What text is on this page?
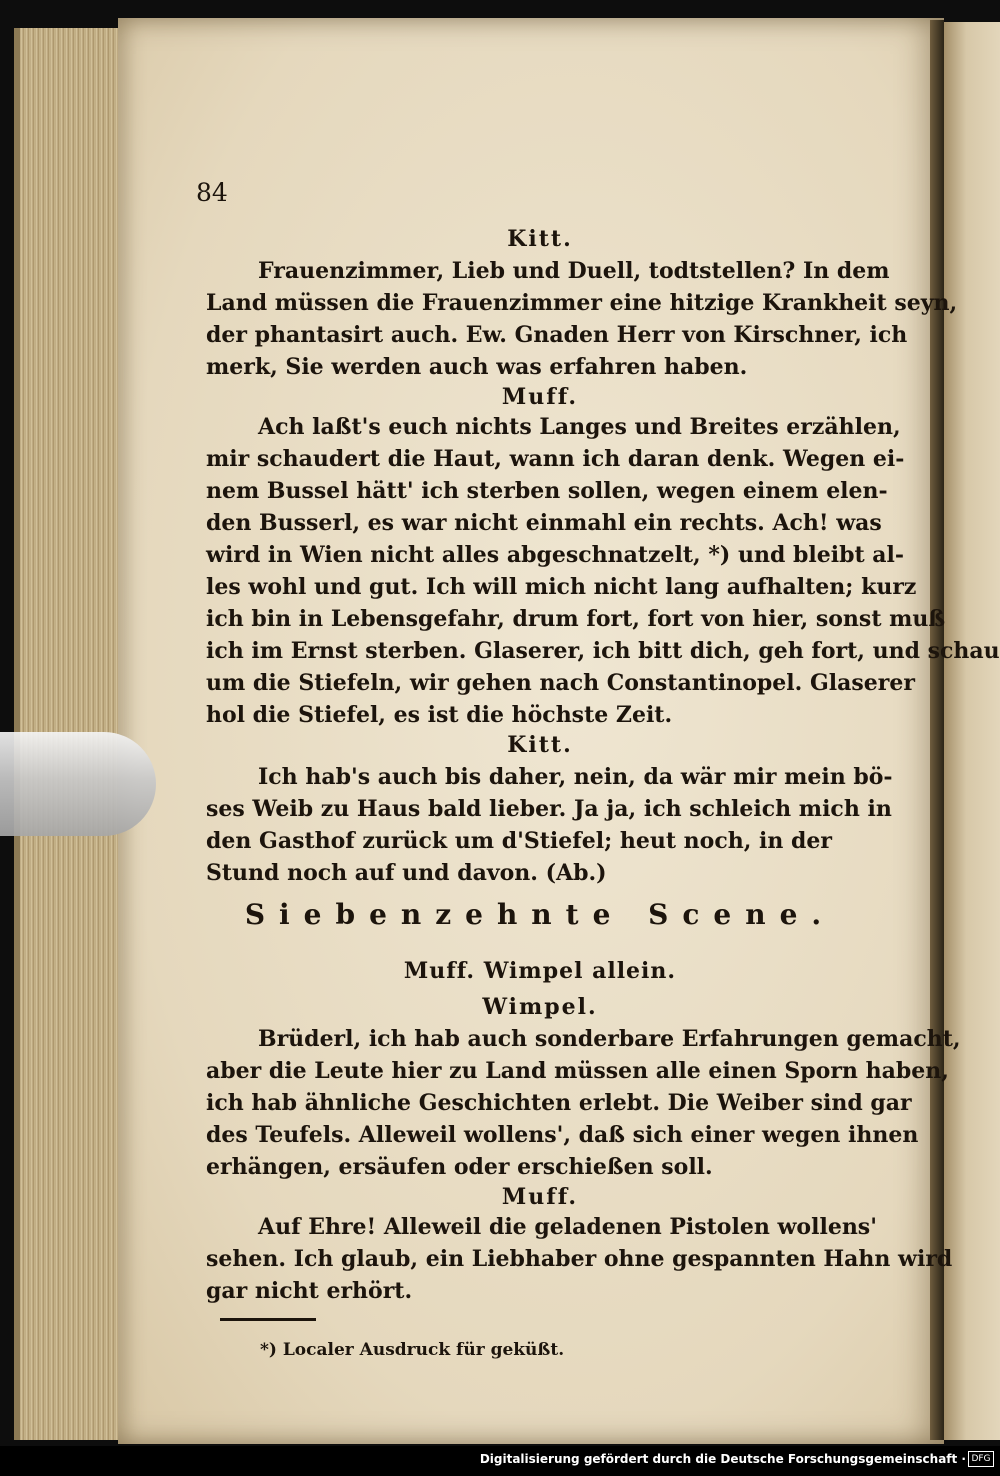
84
Kitt.
Frauenzimmer, Lieb und Duell, todtstellen? In dem
Land müssen die Frauenzimmer eine hitzige Krankheit seyn,
der phantasirt auch. Ew. Gnaden Herr von Kirschner, ich
merk, Sie werden auch was erfahren haben.
Muff.
Ach laßt's euch nichts Langes und Breites erzählen,
mir schaudert die Haut, wann ich daran denk. Wegen ei-
nem Bussel hätt' ich sterben sollen, wegen einem elen-
den Busserl, es war nicht einmahl ein rechts. Ach! was
wird in Wien nicht alles abgeschnatzelt, *) und bleibt al-
les wohl und gut. Ich will mich nicht lang aufhalten; kurz
ich bin in Lebensgefahr, drum fort, fort von hier, sonst muß
ich im Ernst sterben. Glaserer, ich bitt dich, geh fort, und schau
um die Stiefeln, wir gehen nach Constantinopel. Glaserer
hol die Stiefel, es ist die höchste Zeit.
Kitt.
Ich hab's auch bis daher, nein, da wär mir mein bö-
ses Weib zu Haus bald lieber. Ja ja, ich schleich mich in
den Gasthof zurück um d'Stiefel; heut noch, in der
Stund noch auf und davon. (Ab.)
Siebenzehnte Scene.
Muff. Wimpel allein.
Wimpel.
Brüderl, ich hab auch sonderbare Erfahrungen gemacht,
aber die Leute hier zu Land müssen alle einen Sporn haben,
ich hab ähnliche Geschichten erlebt. Die Weiber sind gar
des Teufels. Alleweil wollens', daß sich einer wegen ihnen
erhängen, ersäufen oder erschießen soll.
Muff.
Auf Ehre! Alleweil die geladenen Pistolen wollens'
sehen. Ich glaub, ein Liebhaber ohne gespannten Hahn wird
gar nicht erhört.
*) Localer Ausdruck für geküßt.
Digitalisierung gefördert durch die Deutsche Forschungsgemeinschaft · DFG
